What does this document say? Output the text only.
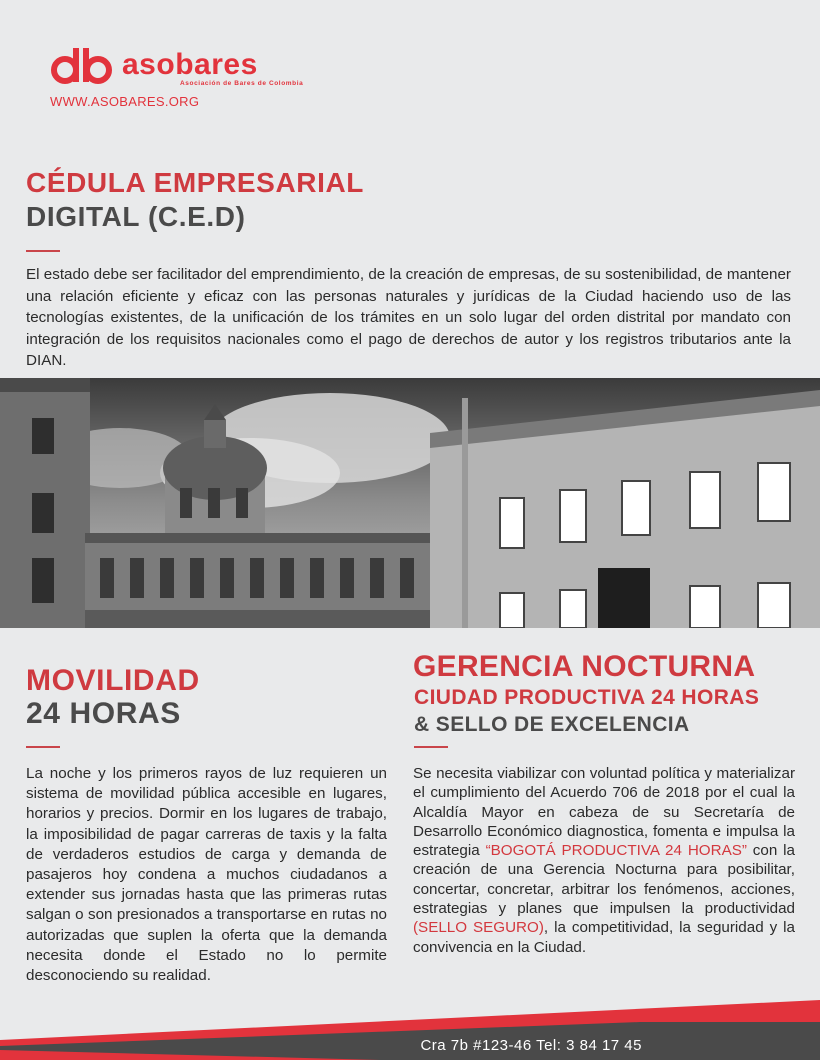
asobares
Asociación de Bares de Colombia
WWW.ASOBARES.ORG
CÉDULA EMPRESARIAL
DIGITAL (C.E.D)

El estado debe ser facilitador del emprendimiento, de la creación de empresas, de su sostenibilidad, de mantener una relación eficiente y eficaz con las personas naturales y jurídicas de la Ciudad haciendo uso de las tecnologías existentes, de la unificación de los trámites en un solo lugar del orden distrital por mandato con integración de los requisitos nacionales como el pago de derechos de autor y los registros tributarios ante la DIAN.

MOVILIDAD
24 HORAS

La noche y los primeros rayos de luz requieren un sistema de movilidad pública accesible en lugares, horarios y precios. Dormir en los lugares de trabajo, la imposibilidad de pagar carreras de taxis y la falta de verdaderos estudios de carga y demanda de pasajeros hoy condena a muchos ciudadanos a extender sus jornadas hasta que las primeras rutas salgan o son presionados a transportarse en rutas no autorizadas que suplen la oferta que la demanda necesita donde el Estado no lo permite desconociendo su realidad.

GERENCIA NOCTURNA
CIUDAD PRODUCTIVA 24 HORAS
& SELLO DE EXCELENCIA

Se necesita viabilizar con voluntad política y materializar el cumplimiento del Acuerdo 706 de 2018 por el cual la Alcaldía Mayor en cabeza de su Secretaría de Desarrollo Económico diagnostica, fomenta e impulsa la estrategia “BOGOTÁ PRODUCTIVA 24 HORAS” con la creación de una Gerencia Nocturna para posibilitar, concertar, concretar, arbitrar los fenómenos, acciones, estrategias y planes que impulsen la productividad (SELLO SEGURO), la competitividad, la seguridad y la convivencia en la Ciudad.

Cra 7b #123-46 Tel: 3 84 17 45
